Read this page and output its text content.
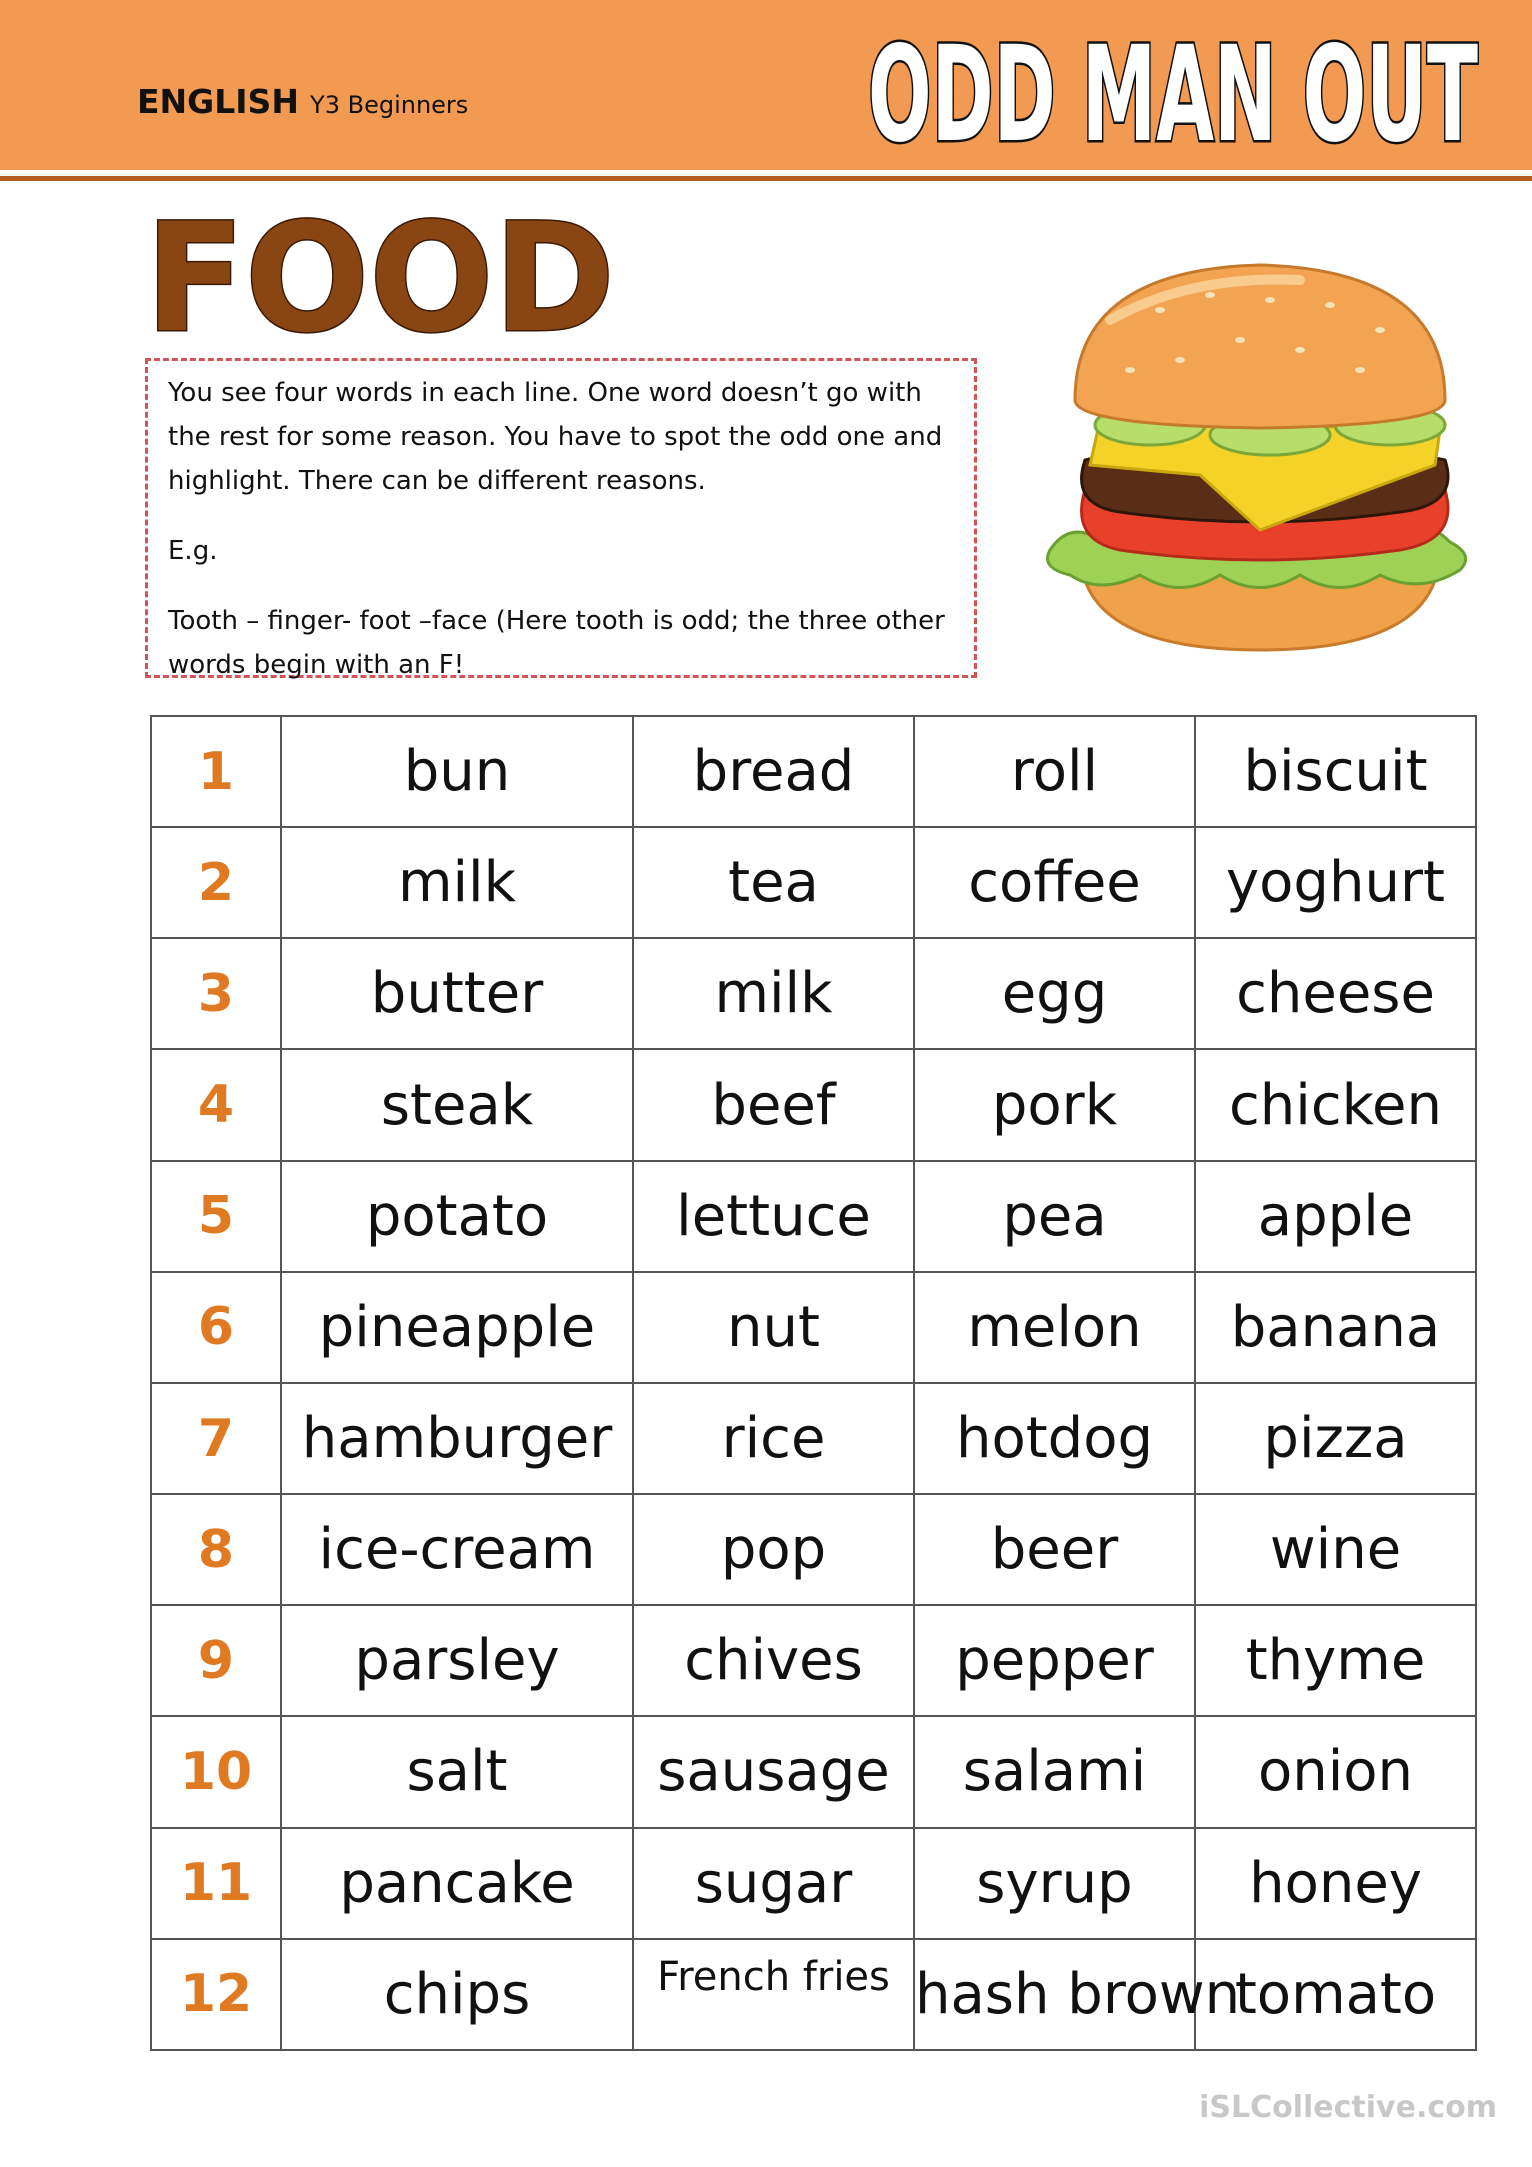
ENGLISH Y3 Beginners	ODD MAN OUT
FOOD

You see four words in each line. One word doesn’t go with the rest for some reason. You have to spot the odd one and highlight. There can be different reasons.

E.g.

Tooth – finger- foot –face (Here tooth is odd; the three other words begin with an F!

1	bun	bread	roll	biscuit
2	milk	tea	coffee	yoghurt
3	butter	milk	egg	cheese
4	steak	beef	pork	chicken
5	potato	lettuce	pea	apple
6	pineapple	nut	melon	banana
7	hamburger	rice	hotdog	pizza
8	ice-cream	pop	beer	wine
9	parsley	chives	pepper	thyme
10	salt	sausage	salami	onion
11	pancake	sugar	syrup	honey
12	chips	French fries	hash brown	tomato
iSLCollective.com
